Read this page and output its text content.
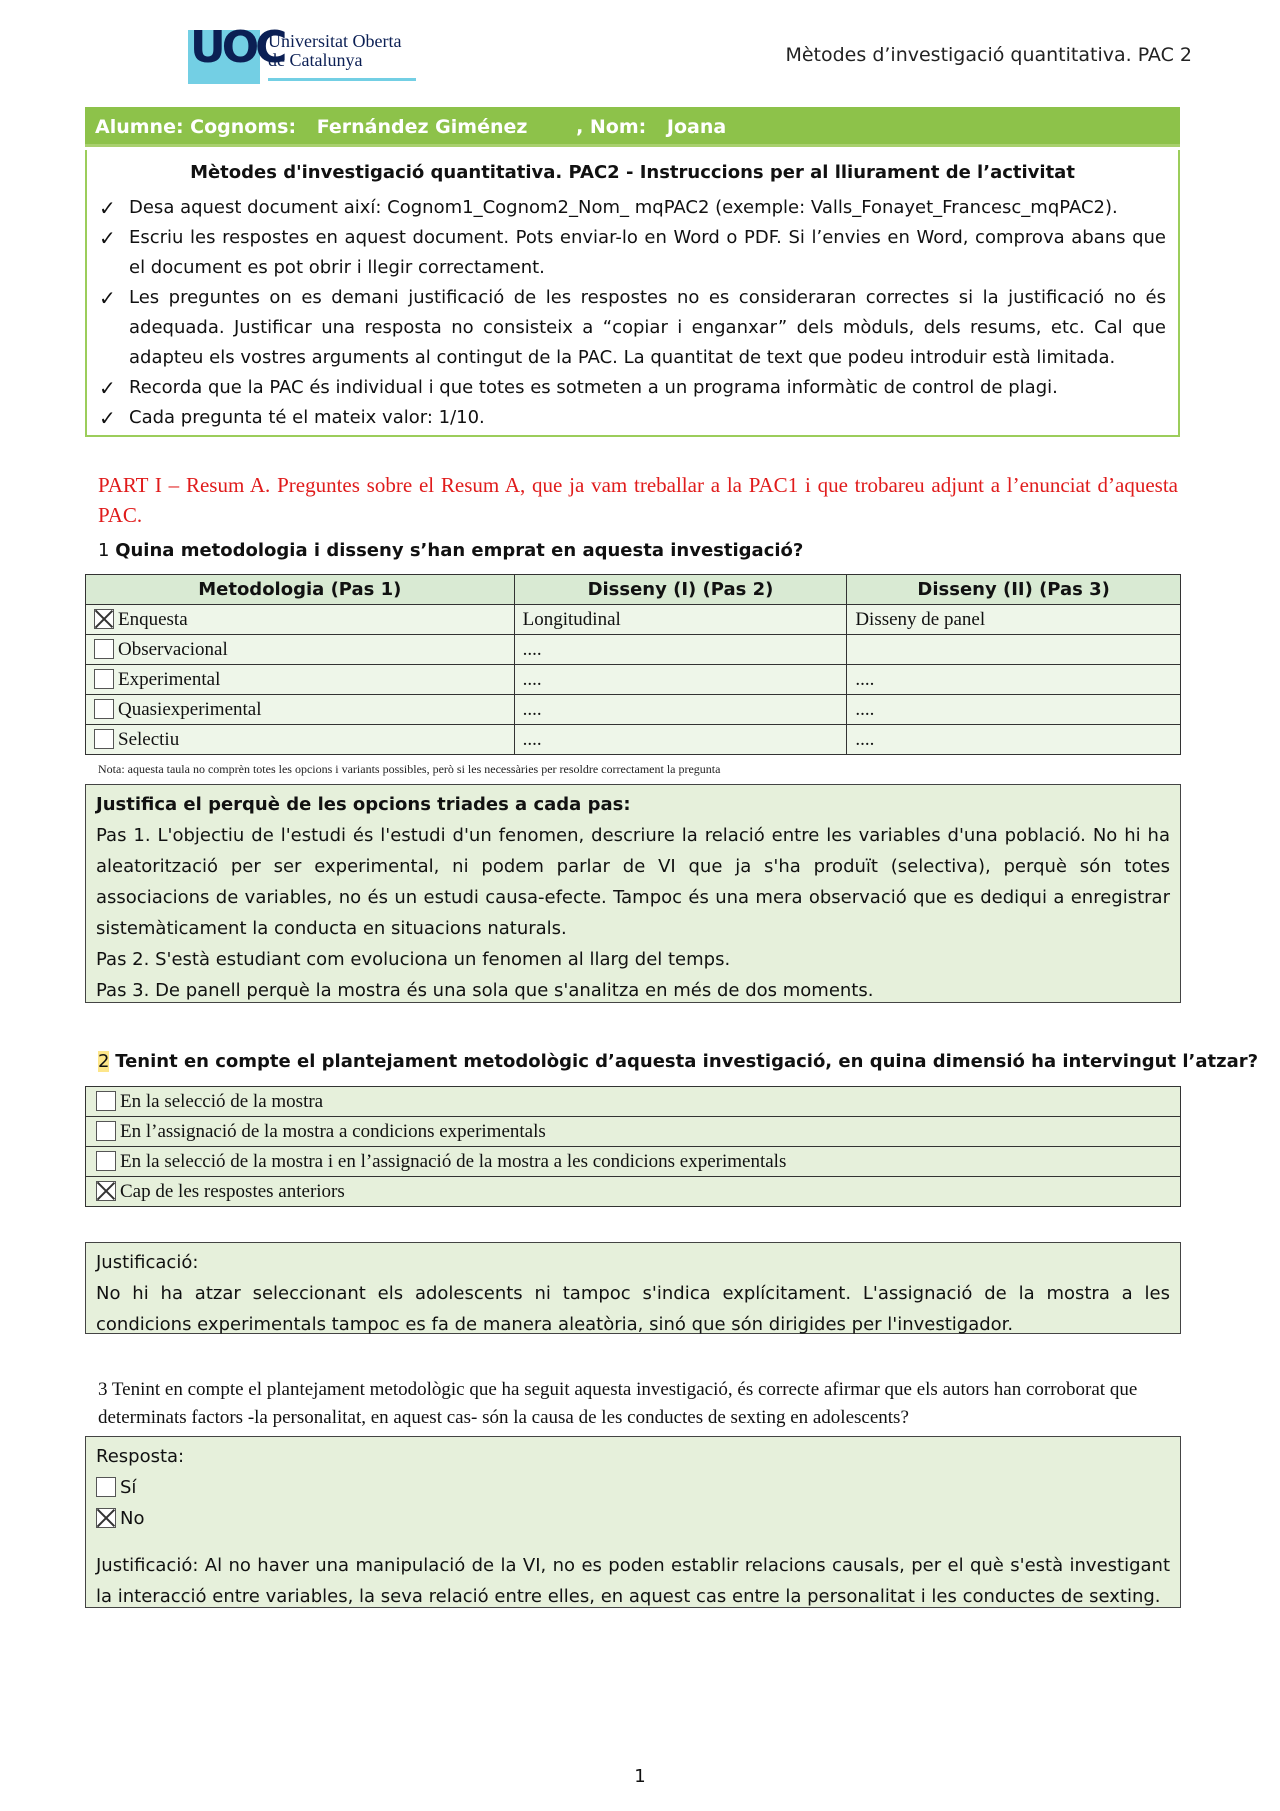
UOC
Universitat Oberta
de Catalunya	Mètodes d’investigació quantitativa. PAC 2
Alumne: Cognoms: Fernández Giménez	, Nom: Joana
Mètodes d'investigació quantitativa. PAC2 - Instruccions per al lliurament de l’activitat
✓ Desa aquest document així: Cognom1_Cognom2_Nom_ mqPAC2 (exemple: Valls_Fonayet_Francesc_mqPAC2).
✓ Escriu les respostes en aquest document. Pots enviar-lo en Word o PDF. Si l’envies en Word, comprova abans que el document es pot obrir i llegir correctament.
✓ Les preguntes on es demani justificació de les respostes no es consideraran correctes si la justificació no és adequada. Justificar una resposta no consisteix a “copiar i enganxar” dels mòduls, dels resums, etc. Cal que adapteu els vostres arguments al contingut de la PAC. La quantitat de text que podeu introduir està limitada.
✓ Recorda que la PAC és individual i que totes es sotmeten a un programa informàtic de control de plagi.
✓ Cada pregunta té el mateix valor: 1/10.
PART I – Resum A. Preguntes sobre el Resum A, que ja vam treballar a la PAC1 i que trobareu adjunt a l’enunciat d’aquesta PAC.
1 Quina metodologia i disseny s’han emprat en aquesta investigació?
Metodologia (Pas 1)	Disseny (I) (Pas 2)	Disseny (II) (Pas 3)
Enquesta	Longitudinal	Disseny de panel
Observacional	....	
Experimental	....	....
Quasiexperimental	....	....
Selectiu	....	....
Nota: aquesta taula no comprèn totes les opcions i variants possibles, però si les necessàries per resoldre correctament la pregunta

Justifica el perquè de les opcions triades a cada pas:

Pas 1. L'objectiu de l'estudi és l'estudi d'un fenomen, descriure la relació entre les variables d'una població. No hi ha aleatorització per ser experimental, ni podem parlar de VI que ja s'ha produït (selectiva), perquè són totes associacions de variables, no és un estudi causa-efecte. Tampoc és una mera observació que es dediqui a enregistrar sistemàticament la conducta en situacions naturals.

Pas 2. S'està estudiant com evoluciona un fenomen al llarg del temps.

Pas 3. De panell perquè la mostra és una sola que s'analitza en més de dos moments.

2 Tenint en compte el plantejament metodològic d’aquesta investigació, en quina dimensió ha intervingut l’atzar?
En la selecció de la mostra
En l’assignació de la mostra a condicions experimentals
En la selecció de la mostra i en l’assignació de la mostra a les condicions experimentals
Cap de les respostes anteriors

Justificació:

No hi ha atzar seleccionant els adolescents ni tampoc s'indica explícitament. L'assignació de la mostra a les condicions experimentals tampoc es fa de manera aleatòria, sinó que són dirigides per l'investigador.

3 Tenint en compte el plantejament metodològic que ha seguit aquesta investigació, és correcte afirmar que els autors han corroborat que determinats factors -la personalitat, en aquest cas- són la causa de les conductes de sexting en adolescents?

Resposta:

Sí

No

Justificació: Al no haver una manipulació de la VI, no es poden establir relacions causals, per el què s'està investigant la interacció entre variables, la seva relació entre elles, en aquest cas entre la personalitat i les conductes de sexting.

1
